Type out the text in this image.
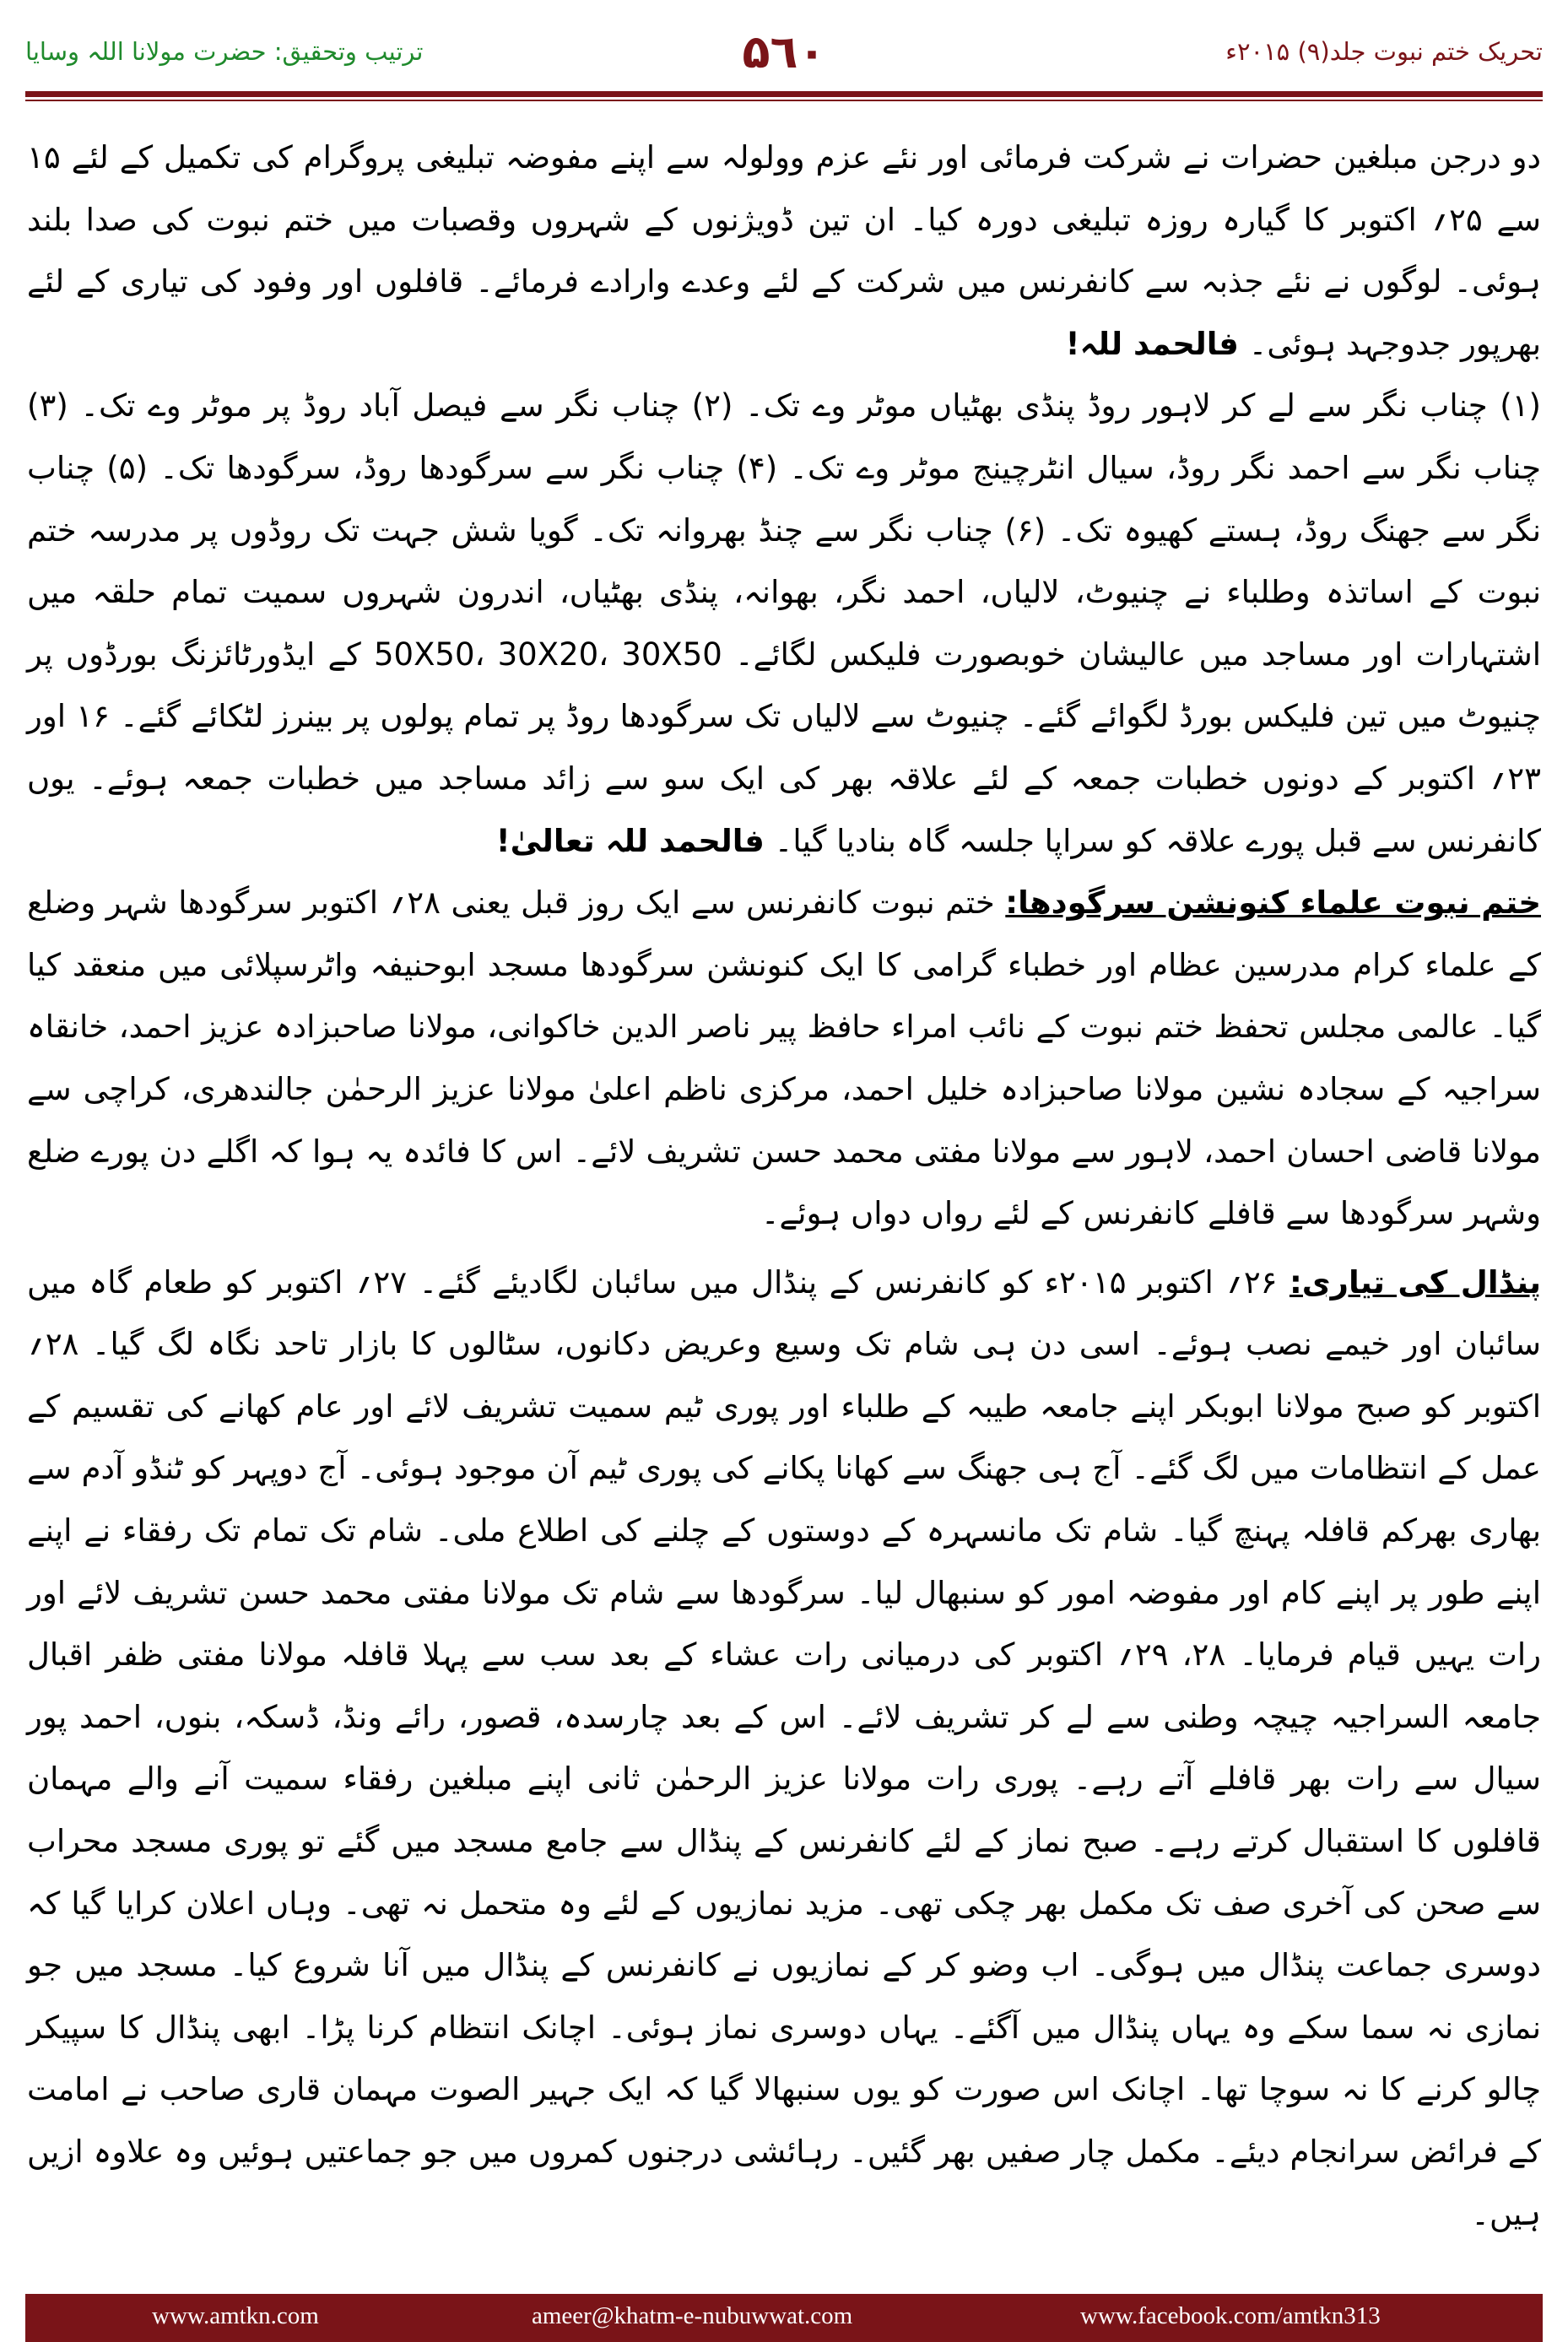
ترتیب وتحقیق: حضرت مولانا اللہ وسایا	۵٦۰	تحریک ختم نبوت جلد(۹) ۲۰۱۵ء

دو درجن مبلغین حضرات نے شرکت فرمائی اور نئے عزم وولولہ سے اپنے مفوضہ تبلیغی پروگرام کی تکمیل کے لئے ۱۵ سے ۲۵؍ اکتوبر کا گیارہ روزہ تبلیغی دورہ کیا۔ ان تین ڈویژنوں کے شہروں وقصبات میں ختم نبوت کی صدا بلند ہوئی۔ لوگوں نے نئے جذبہ سے کانفرنس میں شرکت کے لئے وعدے وارادے فرمائے۔ قافلوں اور وفود کی تیاری کے لئے بھرپور جدوجہد ہوئی۔ فالحمد للہ!

(۱) چناب نگر سے لے کر لاہور روڈ پنڈی بھٹیاں موٹر وے تک۔ (۲) چناب نگر سے فیصل آباد روڈ پر موٹر وے تک۔ (۳) چناب نگر سے احمد نگر روڈ، سیال انٹرچینج موٹر وے تک۔ (۴) چناب نگر سے سرگودھا روڈ، سرگودھا تک۔ (۵) چناب نگر سے جھنگ روڈ، ہستے کھیوہ تک۔ (۶) چناب نگر سے چنڈ بھروانہ تک۔ گویا شش جہت تک روڈوں پر مدرسہ ختم نبوت کے اساتذہ وطلباء نے چنیوٹ، لالیاں، احمد نگر، بھوانہ، پنڈی بھٹیاں، اندرون شہروں سمیت تمام حلقہ میں اشتہارات اور مساجد میں عالیشان خوبصورت فلیکس لگائے۔ 50X50، 30X20، 30X50 کے ایڈورٹائزنگ بورڈوں پر چنیوٹ میں تین فلیکس بورڈ لگوائے گئے۔ چنیوٹ سے لالیاں تک سرگودھا روڈ پر تمام پولوں پر بینرز لٹکائے گئے۔ ۱۶ اور ۲۳؍ اکتوبر کے دونوں خطبات جمعہ کے لئے علاقہ بھر کی ایک سو سے زائد مساجد میں خطبات جمعہ ہوئے۔ یوں کانفرنس سے قبل پورے علاقہ کو سراپا جلسہ گاہ بنادیا گیا۔ فالحمد للہ تعالیٰ!

ختم نبوت علماء کنونشن سرگودھا: ختم نبوت کانفرنس سے ایک روز قبل یعنی ۲۸؍ اکتوبر سرگودھا شہر وضلع کے علماء کرام مدرسین عظام اور خطباء گرامی کا ایک کنونشن سرگودھا مسجد ابوحنیفہ واٹرسپلائی میں منعقد کیا گیا۔ عالمی مجلس تحفظ ختم نبوت کے نائب امراء حافظ پیر ناصر الدین خاکوانی، مولانا صاحبزادہ عزیز احمد، خانقاہ سراجیہ کے سجادہ نشین مولانا صاحبزادہ خلیل احمد، مرکزی ناظم اعلیٰ مولانا عزیز الرحمٰن جالندھری، کراچی سے مولانا قاضی احسان احمد، لاہور سے مولانا مفتی محمد حسن تشریف لائے۔ اس کا فائدہ یہ ہوا کہ اگلے دن پورے ضلع وشہر سرگودھا سے قافلے کانفرنس کے لئے رواں دواں ہوئے۔

پنڈال کی تیاری: ۲۶؍ اکتوبر ۲۰۱۵ء کو کانفرنس کے پنڈال میں سائبان لگادیئے گئے۔ ۲۷؍ اکتوبر کو طعام گاہ میں سائبان اور خیمے نصب ہوئے۔ اسی دن ہی شام تک وسیع وعریض دکانوں، سٹالوں کا بازار تاحد نگاہ لگ گیا۔ ۲۸؍ اکتوبر کو صبح مولانا ابوبکر اپنے جامعہ طیبہ کے طلباء اور پوری ٹیم سمیت تشریف لائے اور عام کھانے کی تقسیم کے عمل کے انتظامات میں لگ گئے۔ آج ہی جھنگ سے کھانا پکانے کی پوری ٹیم آن موجود ہوئی۔ آج دوپہر کو ٹنڈو آدم سے بھاری بھرکم قافلہ پہنچ گیا۔ شام تک مانسہرہ کے دوستوں کے چلنے کی اطلاع ملی۔ شام تک تمام تک رفقاء نے اپنے اپنے طور پر اپنے کام اور مفوضہ امور کو سنبھال لیا۔ سرگودھا سے شام تک مولانا مفتی محمد حسن تشریف لائے اور رات یہیں قیام فرمایا۔ ۲۸، ۲۹؍ اکتوبر کی درمیانی رات عشاء کے بعد سب سے پہلا قافلہ مولانا مفتی ظفر اقبال جامعہ السراجیہ چیچہ وطنی سے لے کر تشریف لائے۔ اس کے بعد چارسدہ، قصور، رائے ونڈ، ڈسکہ، بنوں، احمد پور سیال سے رات بھر قافلے آتے رہے۔ پوری رات مولانا عزیز الرحمٰن ثانی اپنے مبلغین رفقاء سمیت آنے والے مہمان قافلوں کا استقبال کرتے رہے۔ صبح نماز کے لئے کانفرنس کے پنڈال سے جامع مسجد میں گئے تو پوری مسجد محراب سے صحن کی آخری صف تک مکمل بھر چکی تھی۔ مزید نمازیوں کے لئے وہ متحمل نہ تھی۔ وہاں اعلان کرایا گیا کہ دوسری جماعت پنڈال میں ہوگی۔ اب وضو کر کے نمازیوں نے کانفرنس کے پنڈال میں آنا شروع کیا۔ مسجد میں جو نمازی نہ سما سکے وہ یہاں پنڈال میں آگئے۔ یہاں دوسری نماز ہوئی۔ اچانک انتظام کرنا پڑا۔ ابھی پنڈال کا سپیکر چالو کرنے کا نہ سوچا تھا۔ اچانک اس صورت کو یوں سنبھالا گیا کہ ایک جہیر الصوت مہمان قاری صاحب نے امامت کے فرائض سرانجام دیئے۔ مکمل چار صفیں بھر گئیں۔ رہائشی درجنوں کمروں میں جو جماعتیں ہوئیں وہ علاوہ ازیں ہیں۔

www.amtkn.com	ameer@khatm-e-nubuwwat.com	www.facebook.com/amtkn313
